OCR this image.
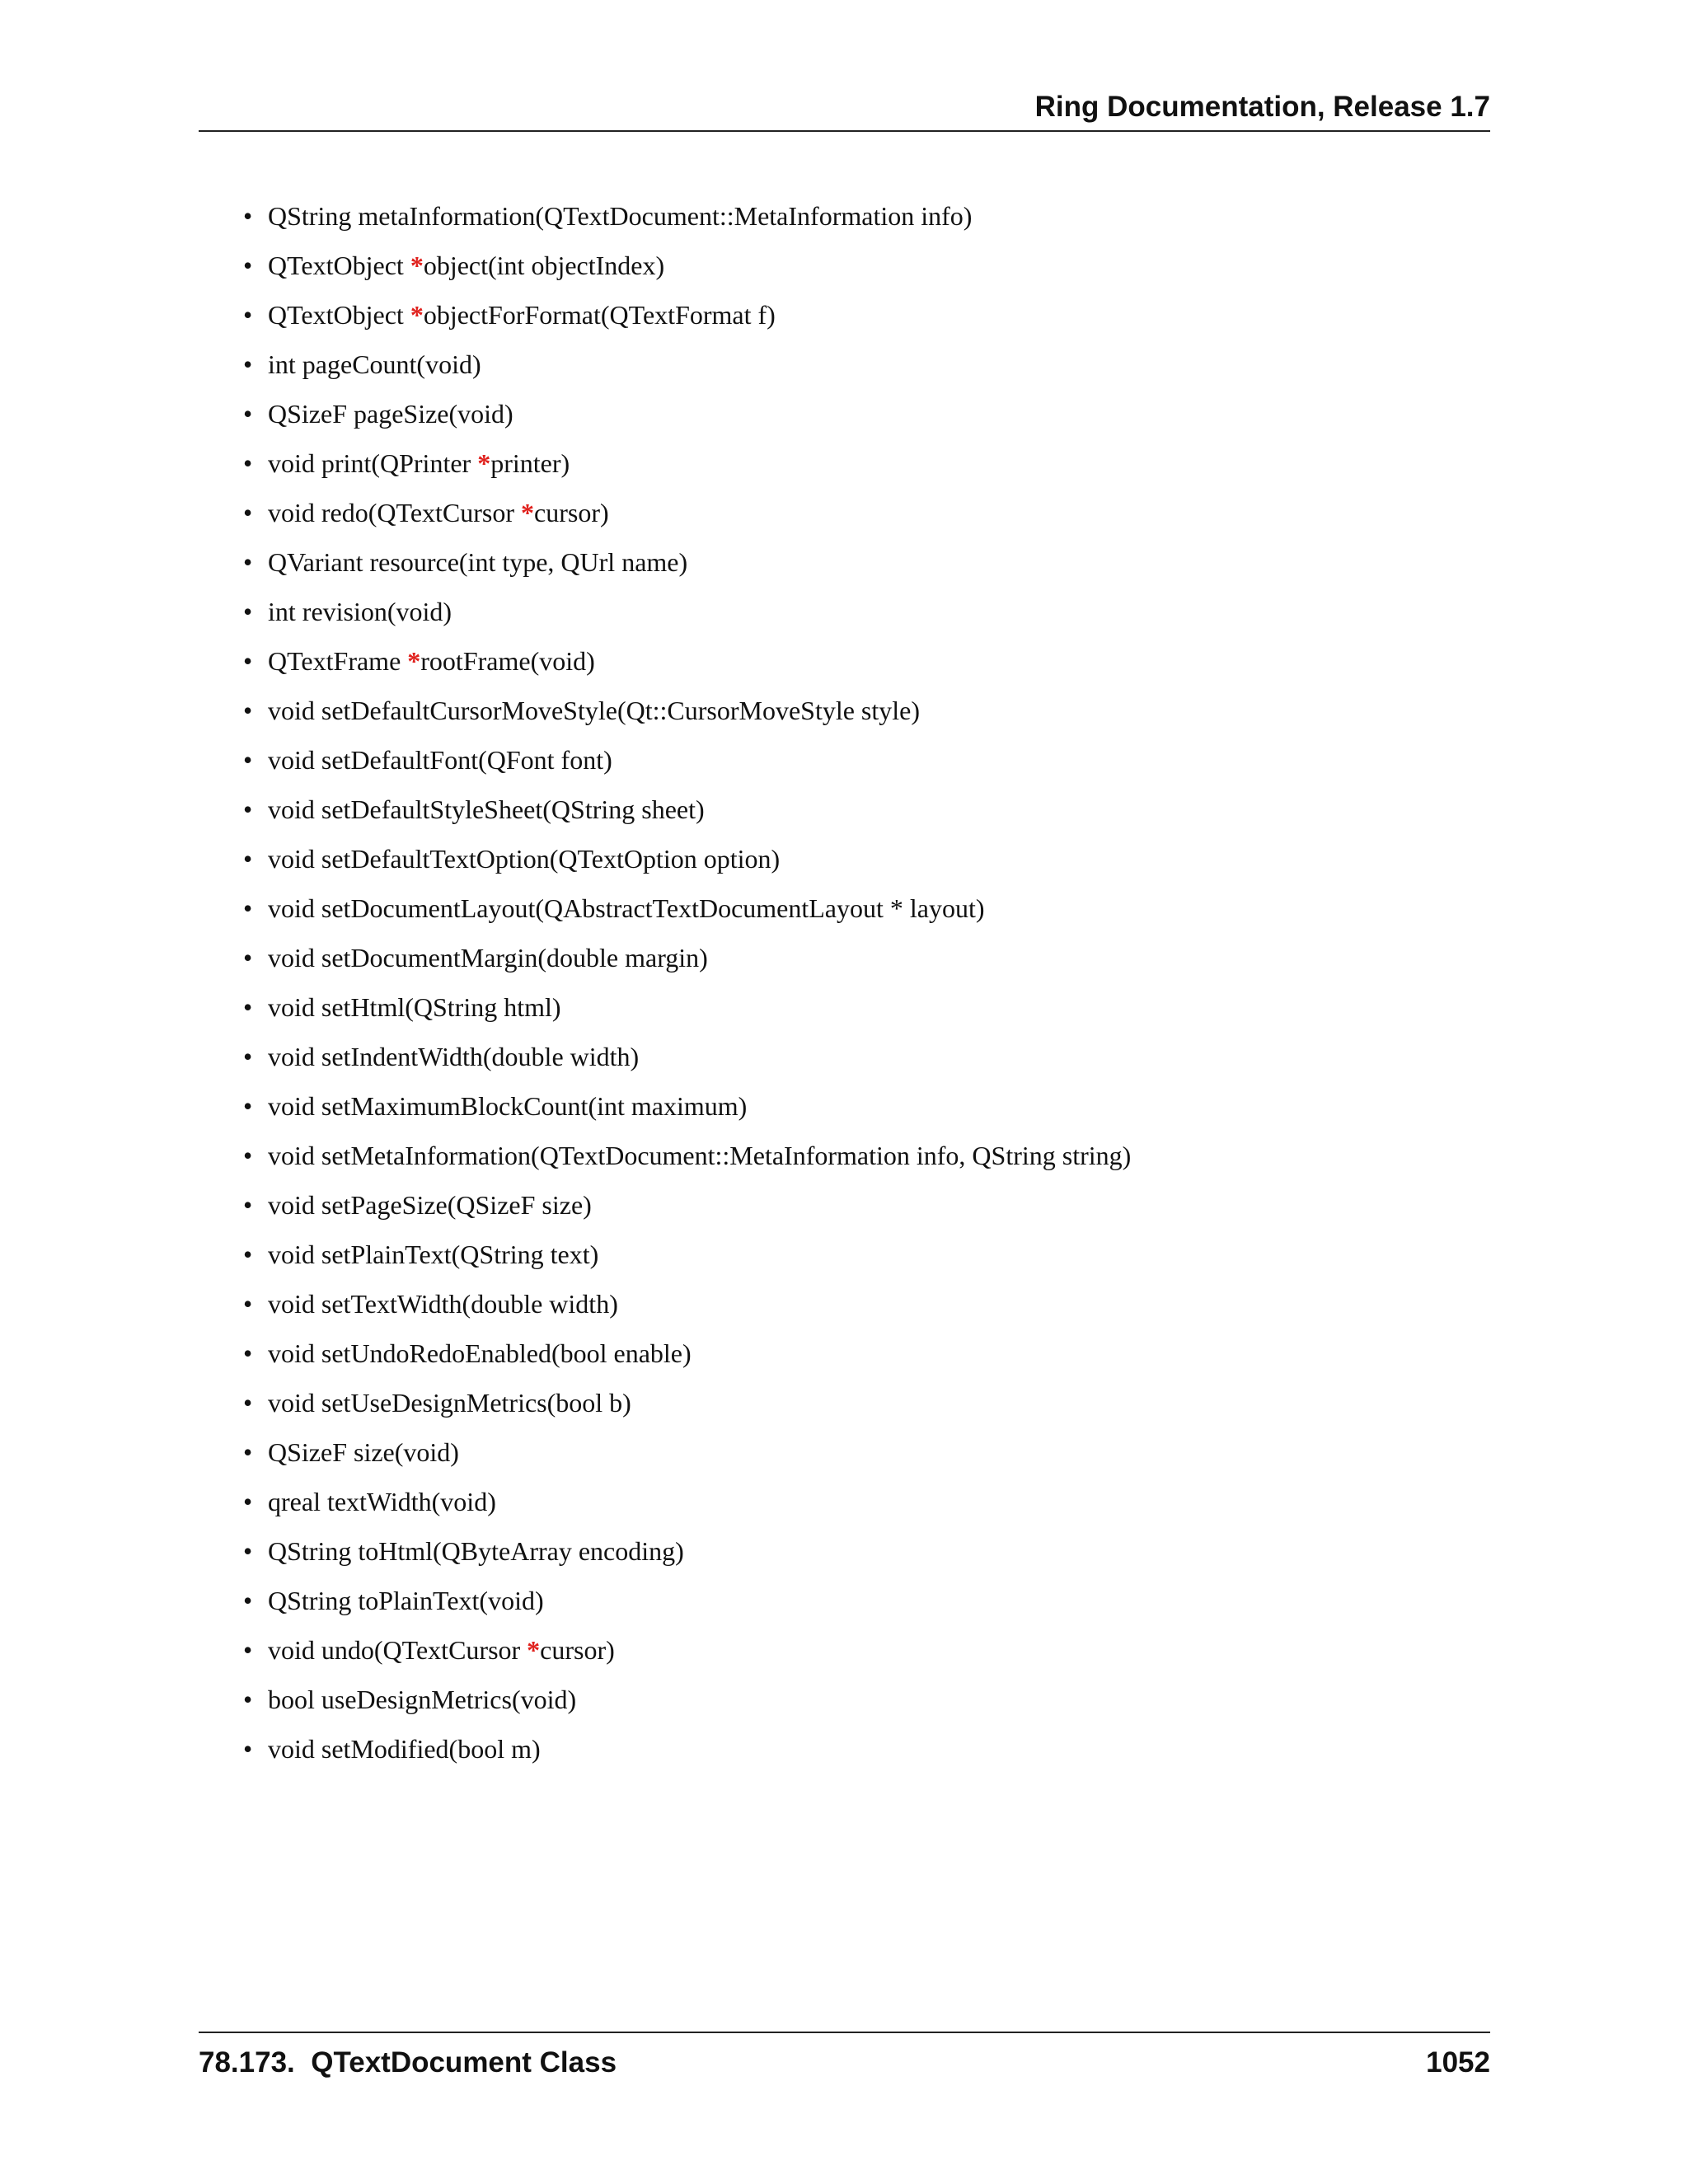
Ring Documentation, Release 1.7
• QString metaInformation(QTextDocument::MetaInformation info)
• QTextObject *object(int objectIndex)
• QTextObject *objectForFormat(QTextFormat f)
• int pageCount(void)
• QSizeF pageSize(void)
• void print(QPrinter *printer)
• void redo(QTextCursor *cursor)
• QVariant resource(int type, QUrl name)
• int revision(void)
• QTextFrame *rootFrame(void)
• void setDefaultCursorMoveStyle(Qt::CursorMoveStyle style)
• void setDefaultFont(QFont font)
• void setDefaultStyleSheet(QString sheet)
• void setDefaultTextOption(QTextOption option)
• void setDocumentLayout(QAbstractTextDocumentLayout * layout)
• void setDocumentMargin(double margin)
• void setHtml(QString html)
• void setIndentWidth(double width)
• void setMaximumBlockCount(int maximum)
• void setMetaInformation(QTextDocument::MetaInformation info, QString string)
• void setPageSize(QSizeF size)
• void setPlainText(QString text)
• void setTextWidth(double width)
• void setUndoRedoEnabled(bool enable)
• void setUseDesignMetrics(bool b)
• QSizeF size(void)
• qreal textWidth(void)
• QString toHtml(QByteArray encoding)
• QString toPlainText(void)
• void undo(QTextCursor *cursor)
• bool useDesignMetrics(void)
• void setModified(bool m)
78.173.  QTextDocument Class	1052
